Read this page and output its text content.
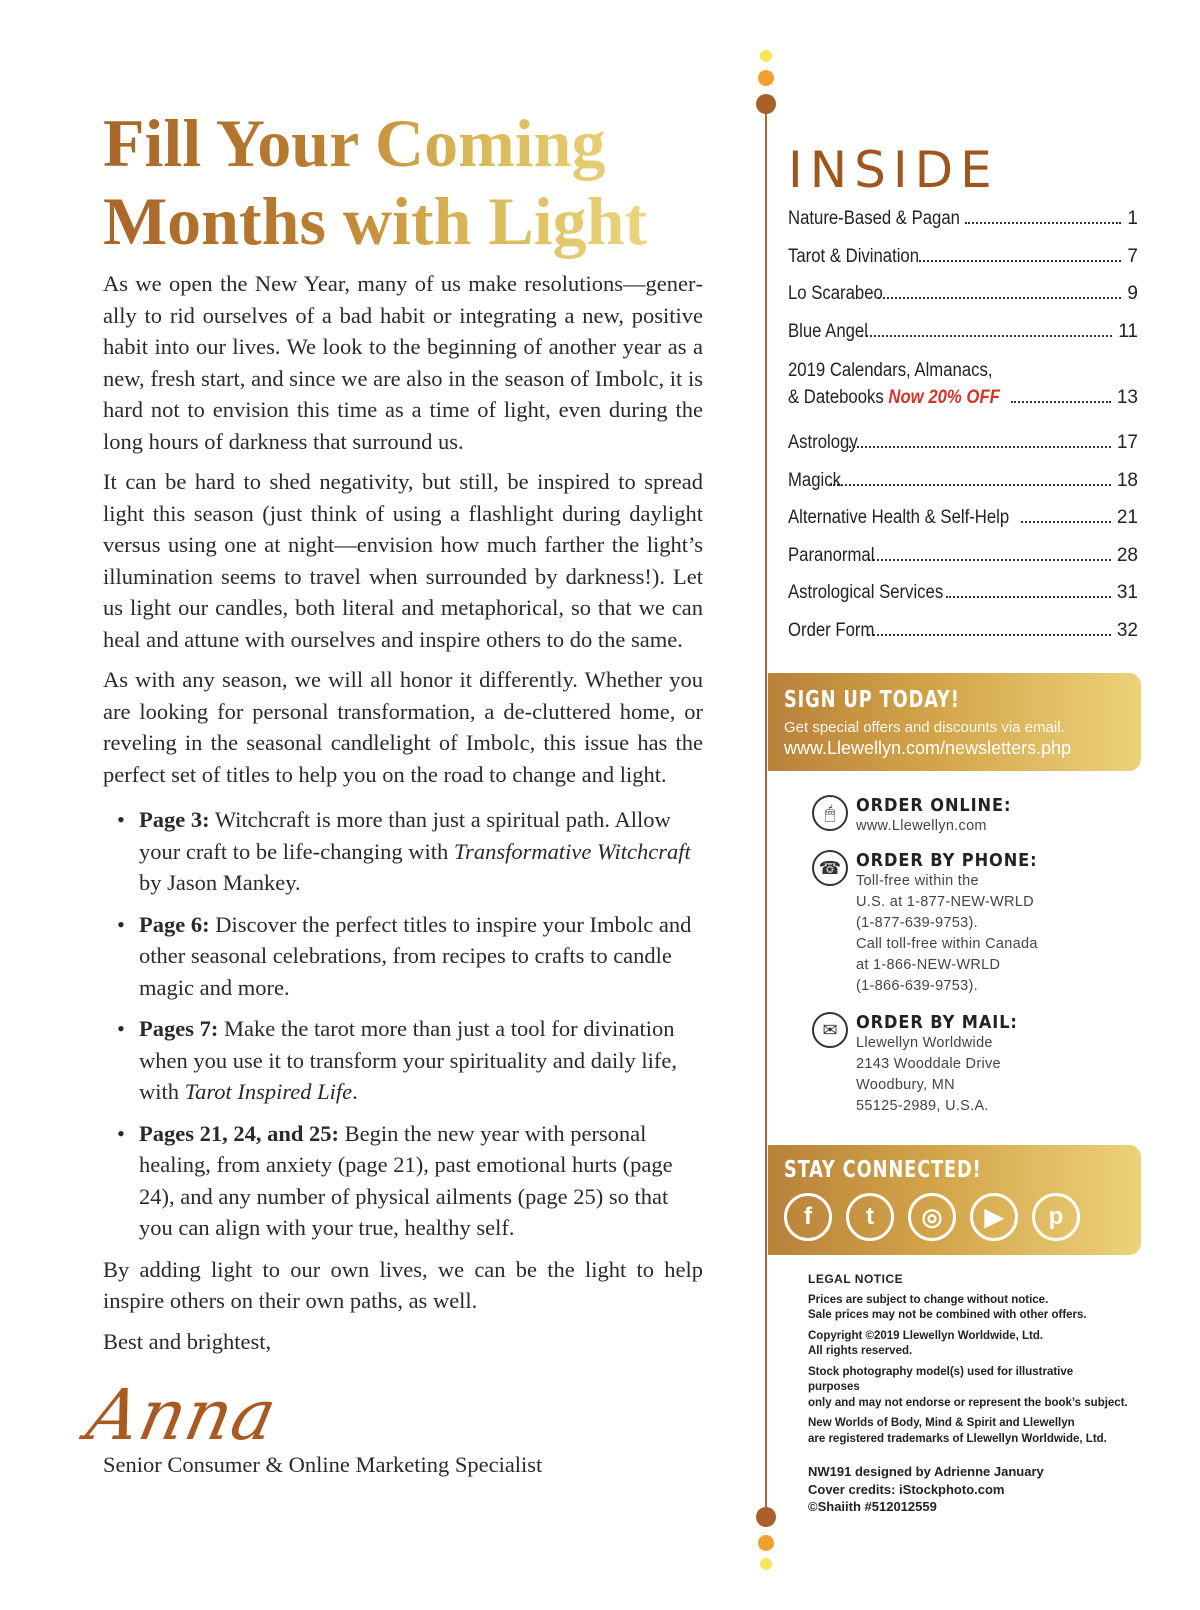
Fill Your Coming
Months with Light

As we open the New Year, many of us make resolutions—generally to rid ourselves of a bad habit or integrating a new, positive habit into our lives. We look to the beginning of another year as a new, fresh start, and since we are also in the season of Imbolc, it is hard not to envision this time as a time of light, even during the long hours of darkness that surround us.

It can be hard to shed negativity, but still, be inspired to spread light this season (just think of using a flashlight during daylight versus using one at night—envision how much farther the light’s illumination seems to travel when surrounded by darkness!). Let us light our candles, both literal and metaphorical, so that we can heal and attune with ourselves and inspire others to do the same.

As with any season, we will all honor it differently. Whether you are looking for personal transformation, a de-cluttered home, or reveling in the seasonal candlelight of Imbolc, this issue has the perfect set of titles to help you on the road to change and light.

• Page 3: Witchcraft is more than just a spiritual path. Allow your craft to be life-changing with Transformative Witchcraft by Jason Mankey.
• Page 6: Discover the perfect titles to inspire your Imbolc and other seasonal celebrations, from recipes to crafts to candle magic and more.
• Pages 7: Make the tarot more than just a tool for divination when you use it to transform your spirituality and daily life, with Tarot Inspired Life.
• Pages 21, 24, and 25: Begin the new year with personal healing, from anxiety (page 21), past emotional hurts (page 24), and any number of physical ailments (page 25) so that you can align with your true, healthy self.

By adding light to our own lives, we can be the light to help inspire others on their own paths, as well.

Best and brightest,

Anna
Senior Consumer & Online Marketing Specialist
INSIDE
Nature-Based & Pagan	1
Tarot & Divination	7
Lo Scarabeo	9
Blue Angel	11
2019 Calendars, Almanacs,
& Datebooks Now 20% OFF	13
Astrology	17
Magick	18
Alternative Health & Self-Help	21
Paranormal	28
Astrological Services	31
Order Form	32
SIGN UP TODAY!
Get special offers and discounts via email.
www.Llewellyn.com/newsletters.php
🖱	ORDER ONLINE:
www.Llewellyn.com
☎ ORDER BY PHONE:
Toll-free within the
U.S. at 1-877-NEW-WRLD
(1-877-639-9753).
Call toll-free within Canada
at 1-866-NEW-WRLD
(1-866-639-9753).
✉	ORDER BY MAIL:
Llewellyn Worldwide
2143 Wooddale Drive
Woodbury, MN
55125-2989, U.S.A.
STAY CONNECTED!
f	t	◎	▶	p
LEGAL NOTICE
Prices are subject to change without notice.
Sale prices may not be combined with other offers.
Copyright ©2019 Llewellyn Worldwide, Ltd.
All rights reserved.
Stock photography model(s) used for illustrative purposes
only and may not endorse or represent the book’s subject.
New Worlds of Body, Mind & Spirit and Llewellyn
are registered trademarks of Llewellyn Worldwide, Ltd.
NW191 designed by Adrienne January
Cover credits: iStockphoto.com
©Shaiith #512012559
